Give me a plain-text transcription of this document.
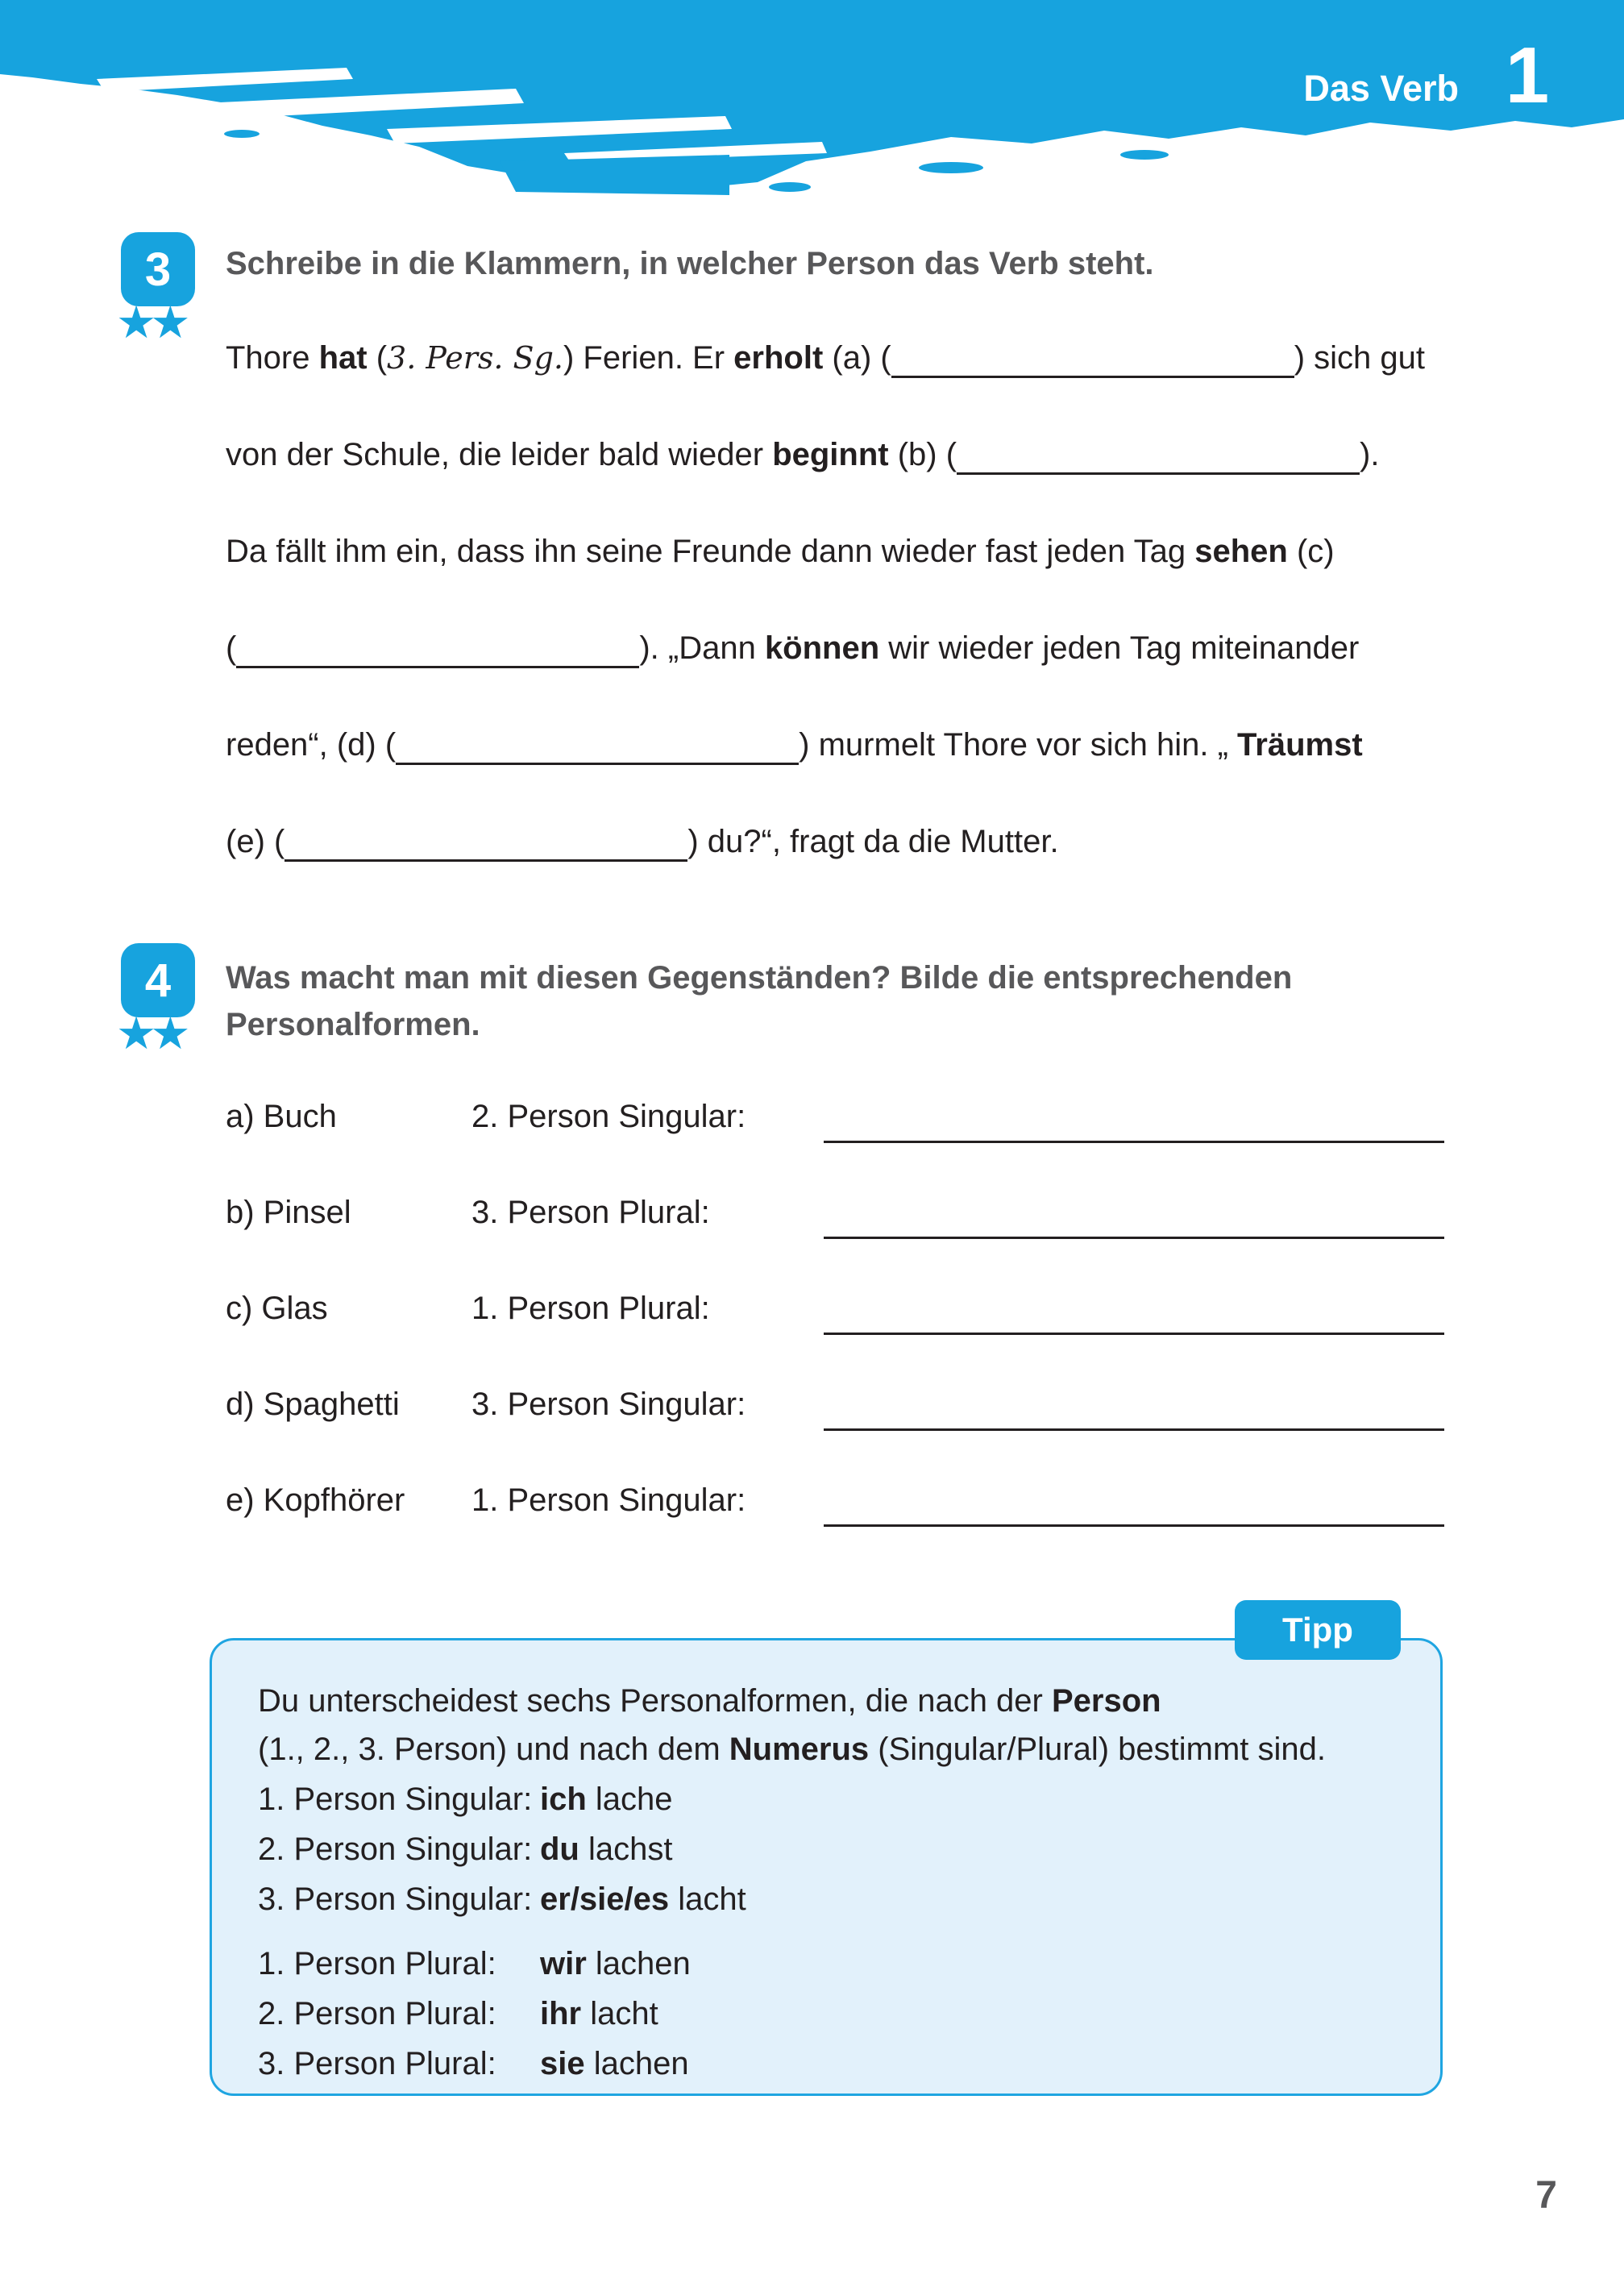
Das Verb 1
3
★★
Schreibe in die Klammern, in welcher Person das Verb steht.
Thore hat (3. Pers. Sg.) Ferien. Er erholt (a) (	) sich gut
von der Schule, die leider bald wieder beginnt (b) (	).
Da fällt ihm ein, dass ihn seine Freunde dann wieder fast jeden Tag sehen (c)
(	). „Dann können wir wieder jeden Tag miteinander
reden“, (d) (	) murmelt Thore vor sich hin. „ Träumst
(e) (	) du?“, fragt da die Mutter.
4
★★
Was macht man mit diesen Gegenständen? Bilde die entsprechenden
Personalformen.
a) Buch	2. Person Singular:
b) Pinsel	3. Person Plural:
c) Glas	1. Person Plural:
d) Spaghetti	3. Person Singular:
e) Kopfhörer	1. Person Singular:
Tipp
Du unterscheidest sechs Personalformen, die nach der Person
(1., 2., 3. Person) und nach dem Numerus (Singular/Plural) bestimmt sind.
1. Person Singular: ich lache
2. Person Singular: du lachst
3. Person Singular: er/sie/es lacht
1. Person Plural:	wir lachen
2. Person Plural:	ihr lacht
3. Person Plural:	sie lachen
7
